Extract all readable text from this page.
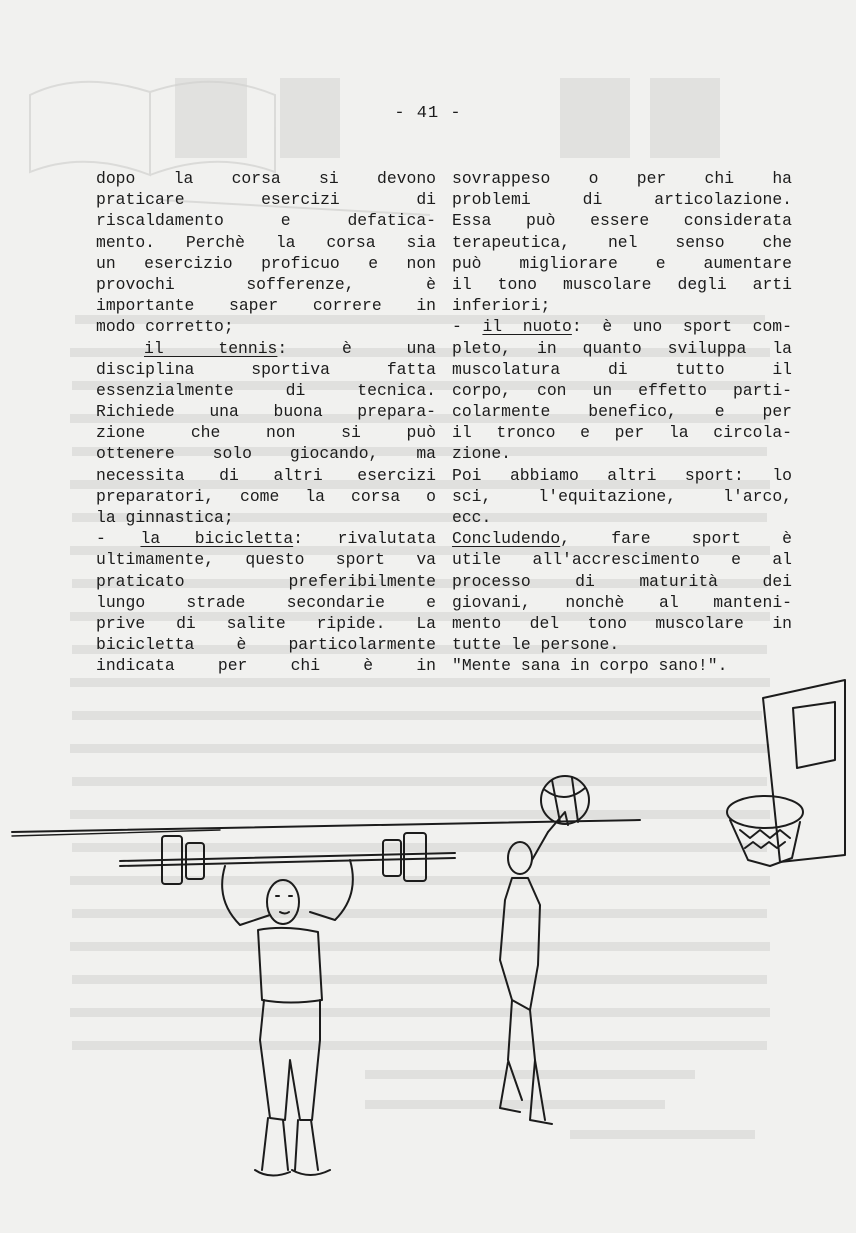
- 41 -
dopo la corsa si devono
praticare esercizi di
riscaldamento e defatica-
mento. Perchè la corsa sia
un esercizio proficuo e non
provochi sofferenze, è
importante saper correre in
modo corretto;
il tennis: è una
disciplina sportiva fatta
essenzialmente di tecnica.
Richiede una buona prepara-
zione che non si può
ottenere solo giocando, ma
necessita di altri esercizi
preparatori, come la corsa o
la ginnastica;
- la bicicletta: rivalutata
ultimamente, questo sport va
praticato preferibilmente
lungo strade secondarie e
prive di salite ripide. La
bicicletta è particolarmente
indicata per chi è in
sovrappeso o per chi ha
problemi di articolazione.
Essa può essere considerata
terapeutica, nel senso che
può migliorare e aumentare
il tono muscolare degli arti
inferiori;
- il nuoto: è uno sport com-
pleto, in quanto sviluppa la
muscolatura di tutto il
corpo, con un effetto parti-
colarmente benefico, e per
il tronco e per la circola-
zione.
Poi abbiamo altri sport: lo
sci, l'equitazione, l'arco,
ecc.
Concludendo, fare sport è
utile all'accrescimento e al
processo di maturità dei
giovani, nonchè al manteni-
mento del tono muscolare in
tutte le persone.
"Mente sana in corpo sano!".
